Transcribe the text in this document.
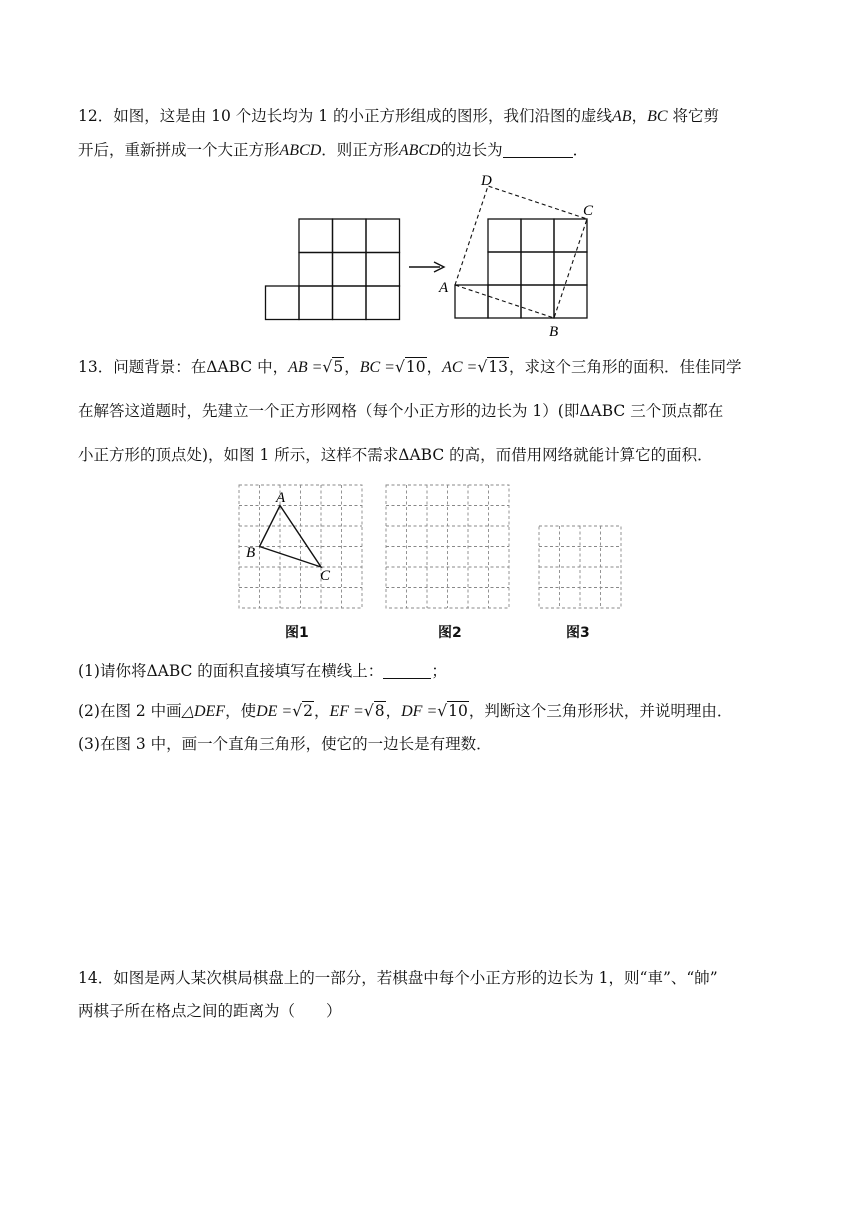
12．如图，这是由 10 个边长均为 1 的小正方形组成的图形，我们沿图的虚线AB，BC 将它剪
开后，重新拼成一个大正方形ABCD．则正方形ABCD的边长为	．
A
B
C
D
13．问题背景：在ΔABC 中，AB =√5，BC =√10，AC =√13，求这个三角形的面积．佳佳同学
在解答这道题时，先建立一个正方形网格（每个小正方形的边长为 1）(即ΔABC 三个顶点都在
小正方形的顶点处)，如图 1 所示，这样不需求ΔABC 的高，而借用网络就能计算它的面积．
A
B
C
图1	图2	图3
(1)请你将ΔABC 的面积直接填写在横线上：	；
(2)在图 2 中画△DEF，使DE =√2，EF =√8，DF =√10，判断这个三角形形状，并说明理由．
(3)在图 3 中，画一个直角三角形，使它的一边长是有理数．
14．如图是两人某次棋局棋盘上的一部分，若棋盘中每个小正方形的边长为 1，则“車”、“帥”
两棋子所在格点之间的距离为（　　）
